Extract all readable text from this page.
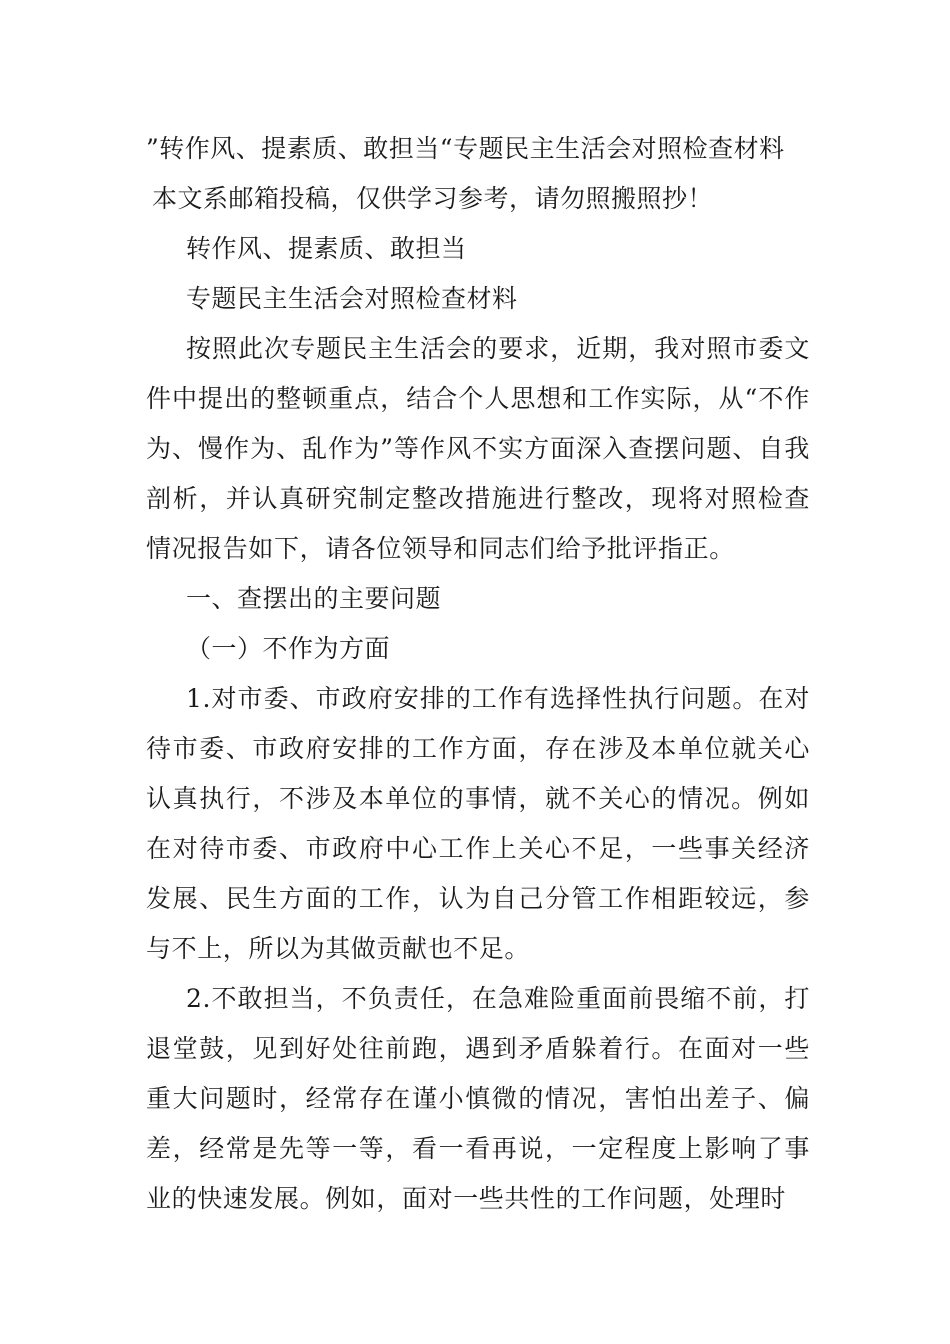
”转作风、提素质、敢担当“专题民主生活会对照检查材料
本文系邮箱投稿，仅供学习参考，请勿照搬照抄！
转作风、提素质、敢担当
专题民主生活会对照检查材料

按照此次专题民主生活会的要求，近期，我对照市委文件中提出的整顿重点，结合个人思想和工作实际，从“不作为、慢作为、乱作为”等作风不实方面深入查摆问题、自我剖析，并认真研究制定整改措施进行整改，现将对照检查情况报告如下，请各位领导和同志们给予批评指正。

一、查摆出的主要问题
（一）不作为方面

1.对市委、市政府安排的工作有选择性执行问题。在对待市委、市政府安排的工作方面，存在涉及本单位就关心认真执行，不涉及本单位的事情，就不关心的情况。例如在对待市委、市政府中心工作上关心不足，一些事关经济发展、民生方面的工作，认为自己分管工作相距较远，参与不上，所以为其做贡献也不足。

2.不敢担当，不负责任，在急难险重面前畏缩不前，打退堂鼓，见到好处往前跑，遇到矛盾躲着行。在面对一些重大问题时，经常存在谨小慎微的情况，害怕出差子、偏差，经常是先等一等，看一看再说，一定程度上影响了事业的快速发展。例如，面对一些共性的工作问题，处理时
